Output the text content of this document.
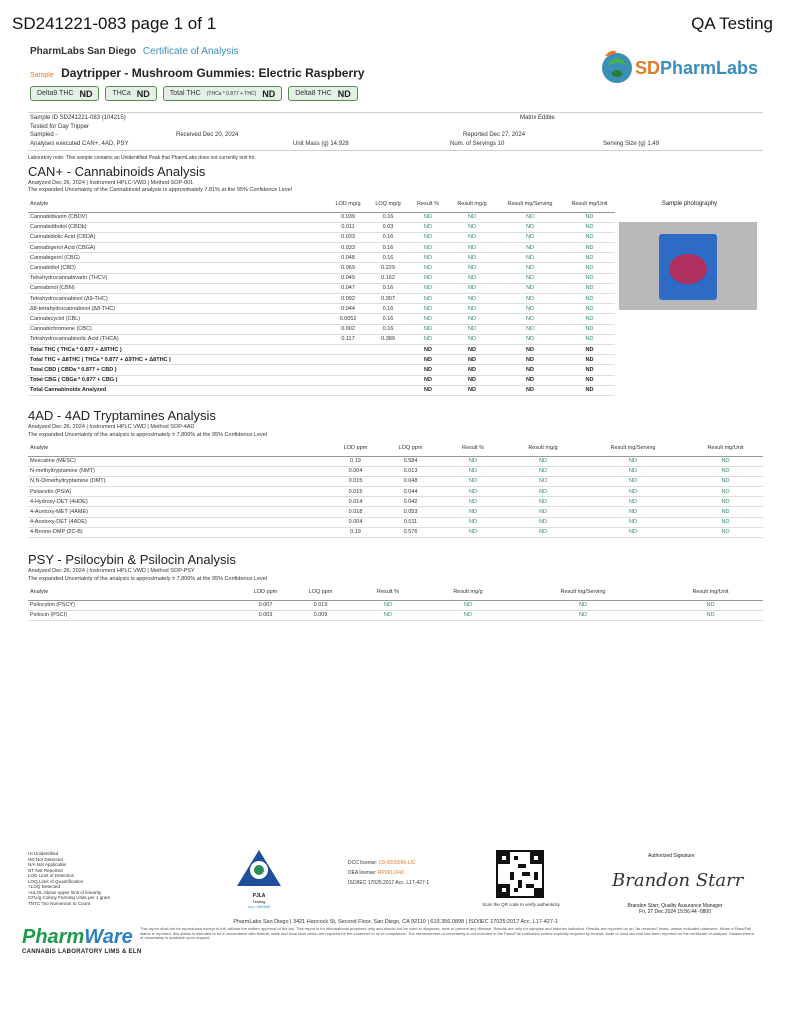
SD241221-083 page 1 of 1	QA Testing
PharmLabs San Diego Certificate of Analysis
Sample Daytripper - Mushroom Gummies: Electric Raspberry	SDPharmLabs
Delta9 THC ND	THCa ND	Total THC (THCa * 0.877 + THC) ND	Delta8 THC ND
Sample ID SD241221-083 (104215)	Matrix Edible
Tested for Day Tripper
Sampled -	Received Dec 20, 2024	Reported Dec 27, 2024
Analyses executed CAN+, 4AD, PSY	Unit Mass (g) 14.928	Num. of Servings 10	Serving Size (g) 1.49
Laboratory note: This sample contains an Unidentified Peak that PharmLabs does not currently test for.
CAN+ - Cannabinoids Analysis
Analyzed Dec 26, 2024 | Instrument HPLC-VWD | Method SOP-001
The expanded Uncertainty of the Cannabinoid analysis is approximately 7.81% at the 95% Confidence Level
Analyte	LOD mg/g	LOQ mg/g	Result %	Result mg/g	Result mg/Serving	Result mg/Unit
Cannabidivarin (CBDV)	0.039	0.16	ND	ND	ND	ND
Cannabidibutol (CBDb)	0.011	0.03	ND	ND	ND	ND
Cannabidiolic Acid (CBDA)	0.033	0.16	ND	ND	ND	ND
Cannabigerol Acid (CBGA)	0.033	0.16	ND	ND	ND	ND
Cannabigerol (CBG)	0.048	0.16	ND	ND	ND	ND
Cannabidiol (CBD)	0.069	0.229	ND	ND	ND	ND
Tetrahydrocannabivarin (THCV)	0.049	0.162	ND	ND	ND	ND
Cannabinol (CBN)	0.047	0.16	ND	ND	ND	ND
Tetrahydrocannabinol (Δ9-THC)	0.092	0.307	ND	ND	ND	ND
Δ8-tetrahydrocannabinol (Δ8-THC)	0.044	0.16	ND	ND	ND	ND
Cannabicyclol (CBL)	0.0052	0.16	ND	ND	ND	ND
Cannabichromene (CBC)	0.002	0.16	ND	ND	ND	ND
Tetrahydrocannabinolic Acid (THCA)	0.117	0.389	ND	ND	ND	ND
Total THC ( THCa * 0.877 + Δ9THC )			ND	ND	ND	ND
Total THC + Δ8THC ( THCa * 0.877 + Δ9THC + Δ8THC )			ND	ND	ND	ND
Total CBD ( CBDa * 0.877 + CBD )			ND	ND	ND	ND
Total CBG ( CBGa * 0.877 + CBG )			ND	ND	ND	ND
Total Cannabinoids Analyzed			ND	ND	ND	ND
Sample photography
4AD - 4AD Tryptamines Analysis
Analyzed Dec 26, 2024 | Instrument HPLC VWD | Method SOP-4AD
The expanded Uncertainty of the analysis is approximately ± 7.806% at the 95% Confidence Level
Analyte	LOD ppm	LOQ ppm	Result %	Result mg/g	Result mg/Serving	Result mg/Unit
Mescaline (MESC)	0.19	0.584	ND	ND	ND	ND
N-methyltryptamine (NMT)	0.004	0.013	ND	ND	ND	ND
N,N-Dimethyltryptamine (DMT)	0.015	0.048	ND	ND	ND	ND
Psilacetin (PSIA)	0.015	0.044	ND	ND	ND	ND
4-Hydroxy-DET (4HDE)	0.014	0.042	ND	ND	ND	ND
4-Acetoxy-MET (4AME)	0.018	0.053	ND	ND	ND	ND
4-Acetoxy-DET (4ADE)	0.004	0.011	ND	ND	ND	ND
4-Bromo-DMP (2C-B)	0.19	0.576	ND	ND	ND	ND
PSY - Psilocybin & Psilocin Analysis
Analyzed Dec 26, 2024 | Instrument HPLC VWD | Method SOP-PSY
The expanded Uncertainty of the analysis is approximately ± 7.806% at the 95% Confidence Level
Analyte	LOD ppm	LOQ ppm	Result %	Result mg/g	Result mg/Serving	Result mg/Unit
Psilocybin (PSCY)	0.007	0.019	ND	ND	ND	ND
Psilocin (PSCI)	0.003	0.009	ND	ND	ND	ND
UI Unidentified
ND Not Detected
N/A Not Applicable
NT Not Reported
LOD Limit of Detection
LOQ Limit of Quantification
<LOQ Detected
>ULOL Above upper limit of linearity
CFU/g Colony Forming Units per 1 gram
TNTC Too Numerous to Count
PJLA
Testing
Acc. #95568
DCC license: C8-0000096-LIC
DEA license: RP0611043
ISO/IEC 17025:2017 Acc. L17-427-1
Scan the QR code to verify authenticity
Authorized Signature
Brandon Starr
Brandon Starr, Quality Assurance Manager
Fri, 27 Dec 2024 15:56:44 -0800
PharmLabs San Diego | 3421 Hancock St, Second Floor, San Diego, CA 92110 | 619.356.0898 | ISO/IEC 17025:2017 Acc. L17-427-1
This report shall not be reproduced except in full, without the written approval of the lab. This report is for informational purposes only and should not be used to diagnose, treat or prevent any disease. Results are only for samples and batches indicated. Results are reported on an "as received" basis, unless indicated otherwise. When a Pass/Fail status is reported, this status is intended to be in accordance with federal, state and local laws which are required for the customer to be in compliance. The measurement of uncertainty is not included in the Pass/Fail evaluation unless explicitly required by federal, state or local law and has been reported on the certificate of analysis. Measurement of uncertainty is available upon request.
PharmWare
CANNABIS LABORATORY LIMS & ELN
